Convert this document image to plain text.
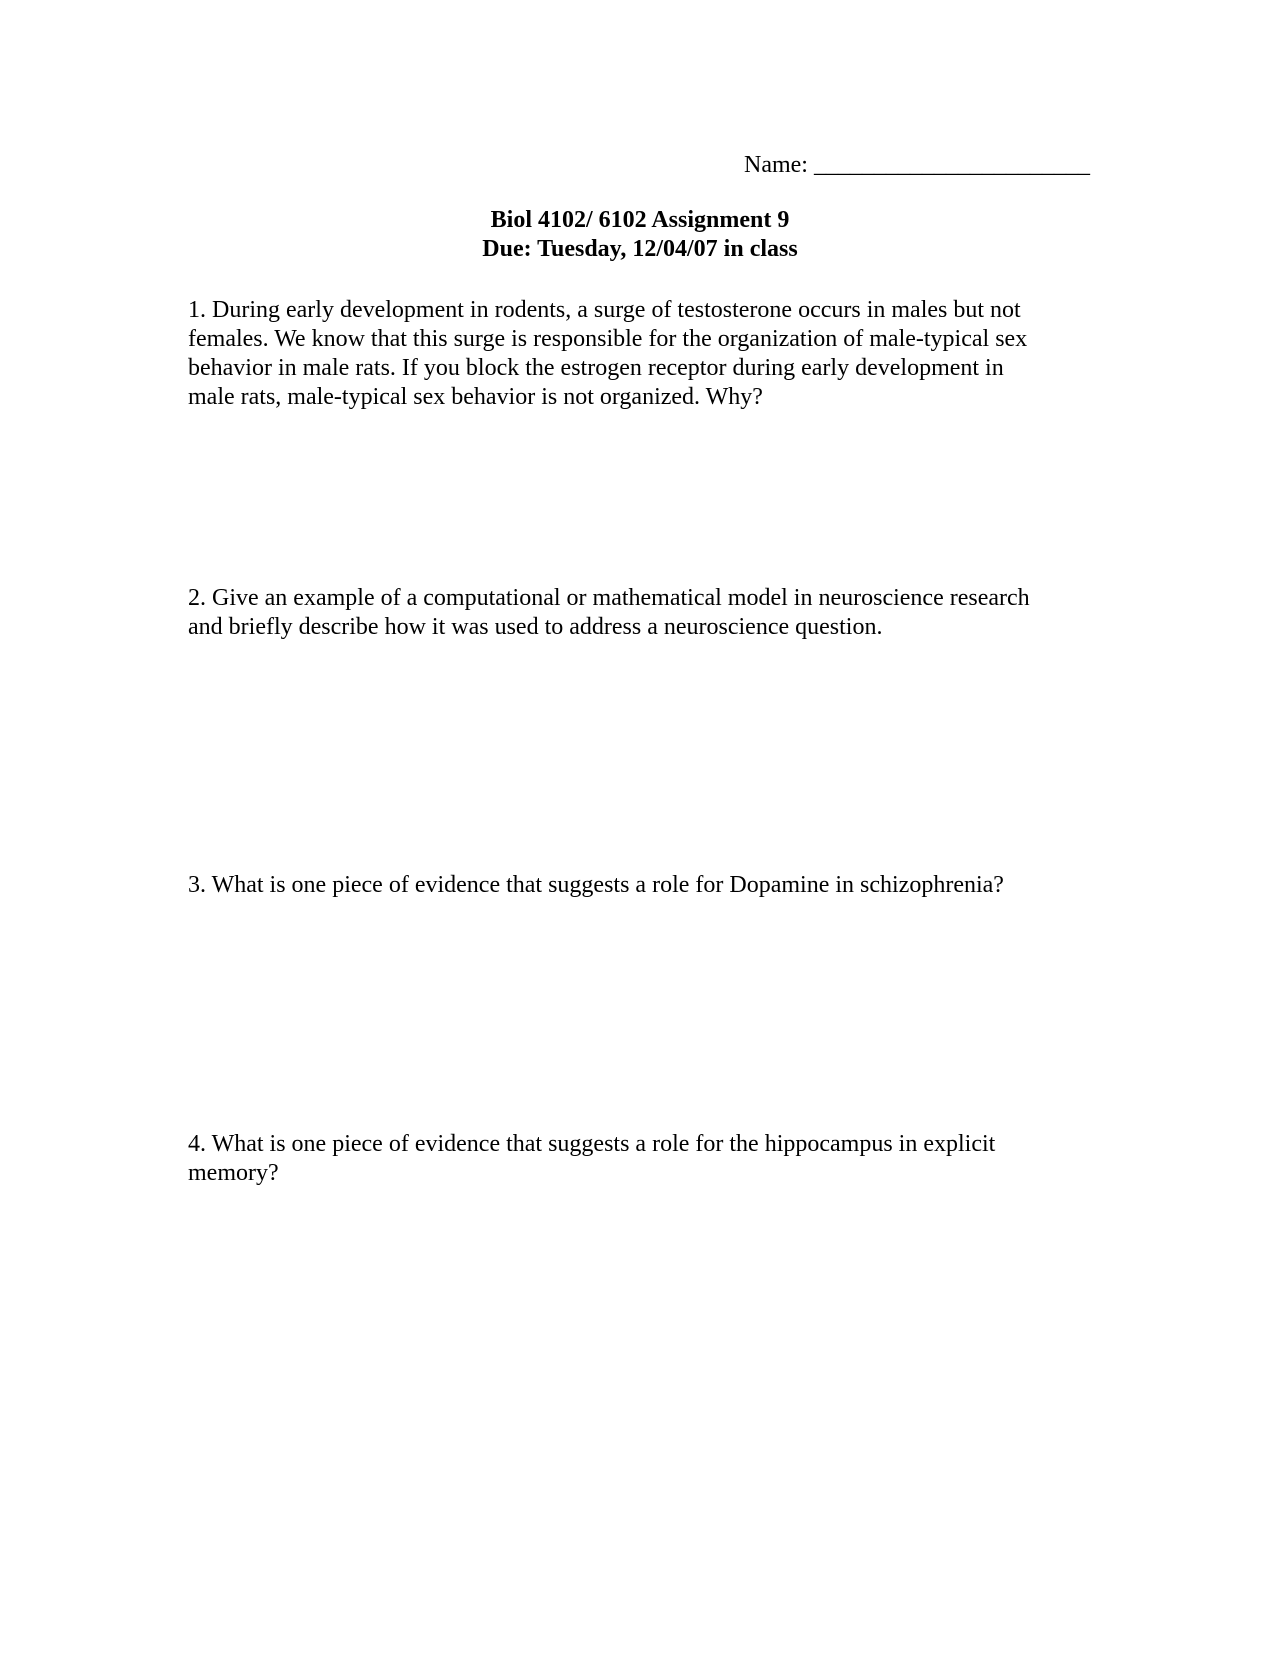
Name: _______________________
Biol 4102/ 6102 Assignment 9
Due: Tuesday, 12/04/07 in class
1. During early development in rodents, a surge of testosterone occurs in males but not
females. We know that this surge is responsible for the organization of male-typical sex
behavior in male rats. If you block the estrogen receptor during early development in
male rats, male-typical sex behavior is not organized. Why?
2. Give an example of a computational or mathematical model in neuroscience research
and briefly describe how it was used to address a neuroscience question.
3. What is one piece of evidence that suggests a role for Dopamine in schizophrenia?
4. What is one piece of evidence that suggests a role for the hippocampus in explicit
memory?
